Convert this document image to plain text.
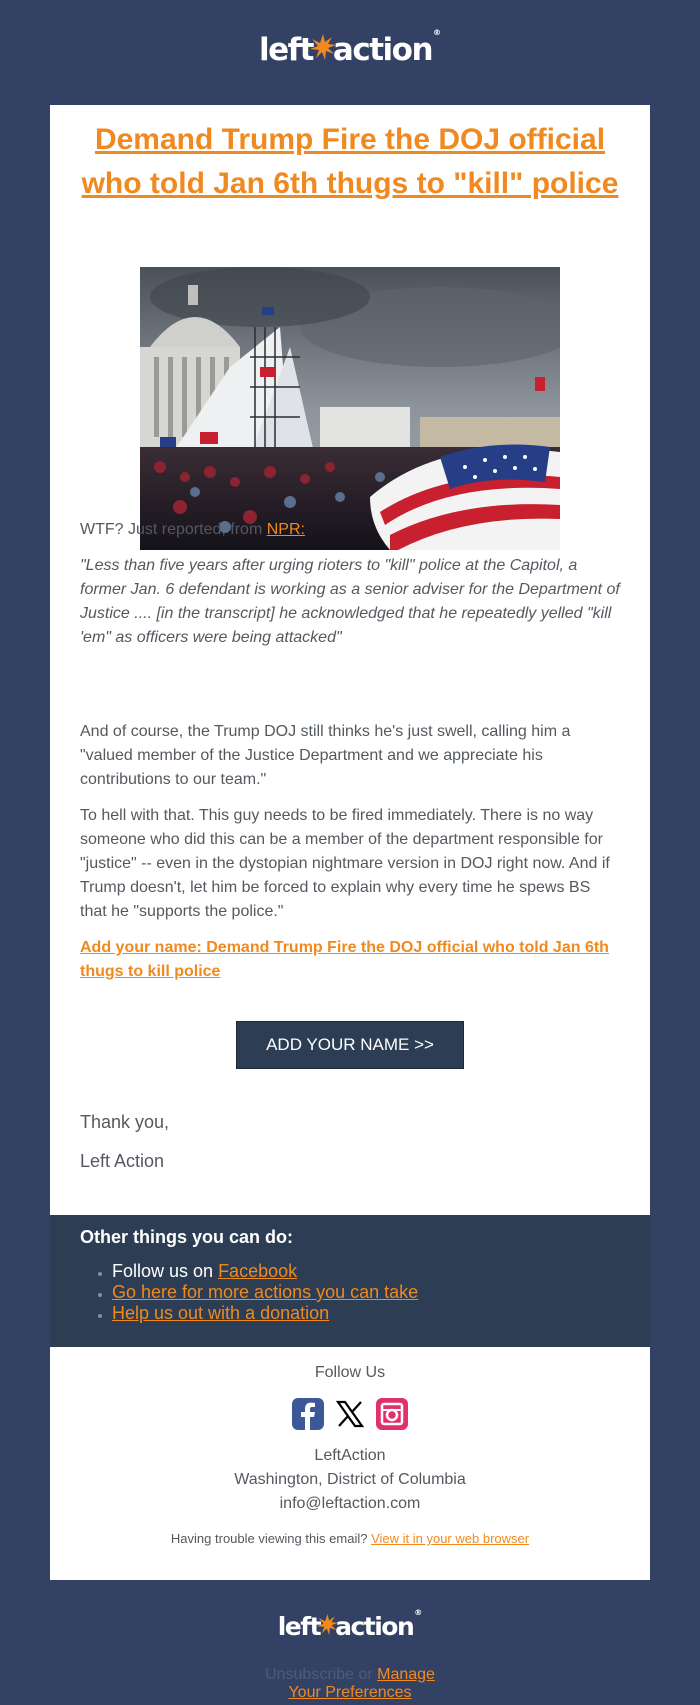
left action ®
Demand Trump Fire the DOJ official who told Jan 6th thugs to "kill" police

WTF? Just reported, from NPR:

"Less than five years after urging rioters to "kill" police at the Capitol, a former Jan. 6 defendant is working as a senior adviser for the Department of Justice .... [in the transcript] he acknowledged that he repeatedly yelled "kill 'em" as officers were being attacked"

And of course, the Trump DOJ still thinks he's just swell, calling him a "valued member of the Justice Department and we appreciate his contributions to our team."

To hell with that. This guy needs to be fired immediately. There is no way someone who did this can be a member of the department responsible for "justice" -- even in the dystopian nightmare version in DOJ right now. And if Trump doesn't, let him be forced to explain why every time he spews BS that he "supports the police."

Add your name: Demand Trump Fire the DOJ official who told Jan 6th thugs to kill police

ADD YOUR NAME >>

Thank you,

Left Action

Other things you can do:

• Follow us on Facebook
• Go here for more actions you can take
• Help us out with a donation

Follow Us

LeftAction

Washington, District of Columbia

info@leftaction.com

Having trouble viewing this email? View it in your web browser

left action ®

Unsubscribe or Manage
Your Preferences
